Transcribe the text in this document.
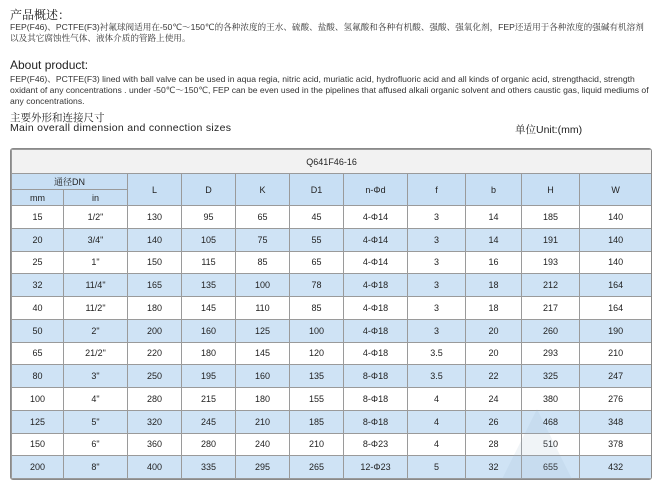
产品概述：
FEP(F46)、PCTFE(F3)衬氟球阀适用在-50℃～150℃的各种浓度的王水、硫酸、盐酸、氢氟酸和各种有机酸、强酸、强氧化剂，FEP还适用于各种浓度的强碱有机溶剂以及其它腐蚀性气体、液体介质的管路上使用。
About product:
FEP(F46)、PCTFE(F3) lined with ball valve can be used in aqua regia, nitric acid, muriatic acid, hydrofluoric acid and all kinds of organic acid, strengthacid, strength oxidant of any concentrations . under -50℃～150℃, FEP can be even used in the pipelines that affused alkali organic solvent and others caustic gas, liquid mediums of any concentrations.
主要外形和连接尺寸
Main overall dimension and connection sizes	单位Unit:(mm)
Q641F46-16										
通径DN		L	D	K	D1	n-Φd	f	b	H	W
mm	in									
15	1/2"	130	95	65	45	4-Φ14	3	14	185	140
20	3/4"	140	105	75	55	4-Φ14	3	14	191	140
25	1"	150	115	85	65	4-Φ14	3	16	193	140
32	11/4"	165	135	100	78	4-Φ18	3	18	212	164
40	11/2"	180	145	110	85	4-Φ18	3	18	217	164
50	2"	200	160	125	100	4-Φ18	3	20	260	190
65	21/2"	220	180	145	120	4-Φ18	3.5	20	293	210
80	3"	250	195	160	135	8-Φ18	3.5	22	325	247
100	4"	280	215	180	155	8-Φ18	4	24	380	276
125	5"	320	245	210	185	8-Φ18	4	26	468	348
150	6"	360	280	240	210	8-Φ23	4	28	510	378
200	8"	400	335	295	265	12-Φ23	5	32	655	432
